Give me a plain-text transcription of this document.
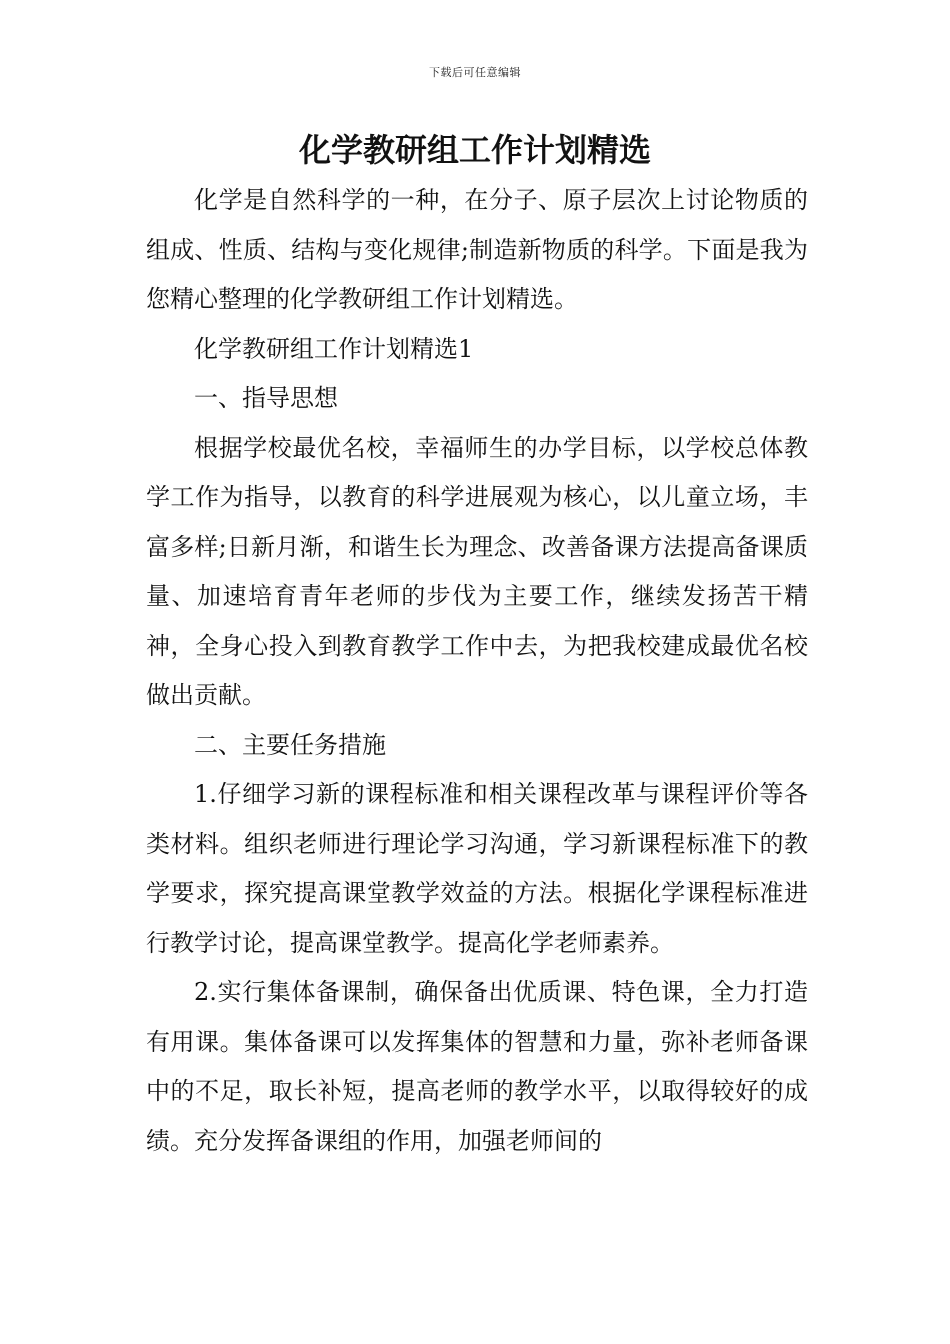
下载后可任意编辑
化学教研组工作计划精选

化学是自然科学的一种，在分子、原子层次上讨论物质的组成、性质、结构与变化规律;制造新物质的科学。下面是我为您精心整理的化学教研组工作计划精选。

化学教研组工作计划精选1

一、指导思想

根据学校最优名校，幸福师生的办学目标，以学校总体教学工作为指导，以教育的科学进展观为核心，以儿童立场，丰富多样;日新月渐，和谐生长为理念、改善备课方法提高备课质量、加速培育青年老师的步伐为主要工作，继续发扬苦干精神，全身心投入到教育教学工作中去，为把我校建成最优名校做出贡献。

二、主要任务措施

1.仔细学习新的课程标准和相关课程改革与课程评价等各类材料。组织老师进行理论学习沟通，学习新课程标准下的教学要求，探究提高课堂教学效益的方法。根据化学课程标准进行教学讨论，提高课堂教学。提高化学老师素养。

2.实行集体备课制，确保备出优质课、特色课，全力打造有用课。集体备课可以发挥集体的智慧和力量，弥补老师备课中的不足，取长补短，提高老师的教学水平，以取得较好的成绩。充分发挥备课组的作用，加强老师间的
